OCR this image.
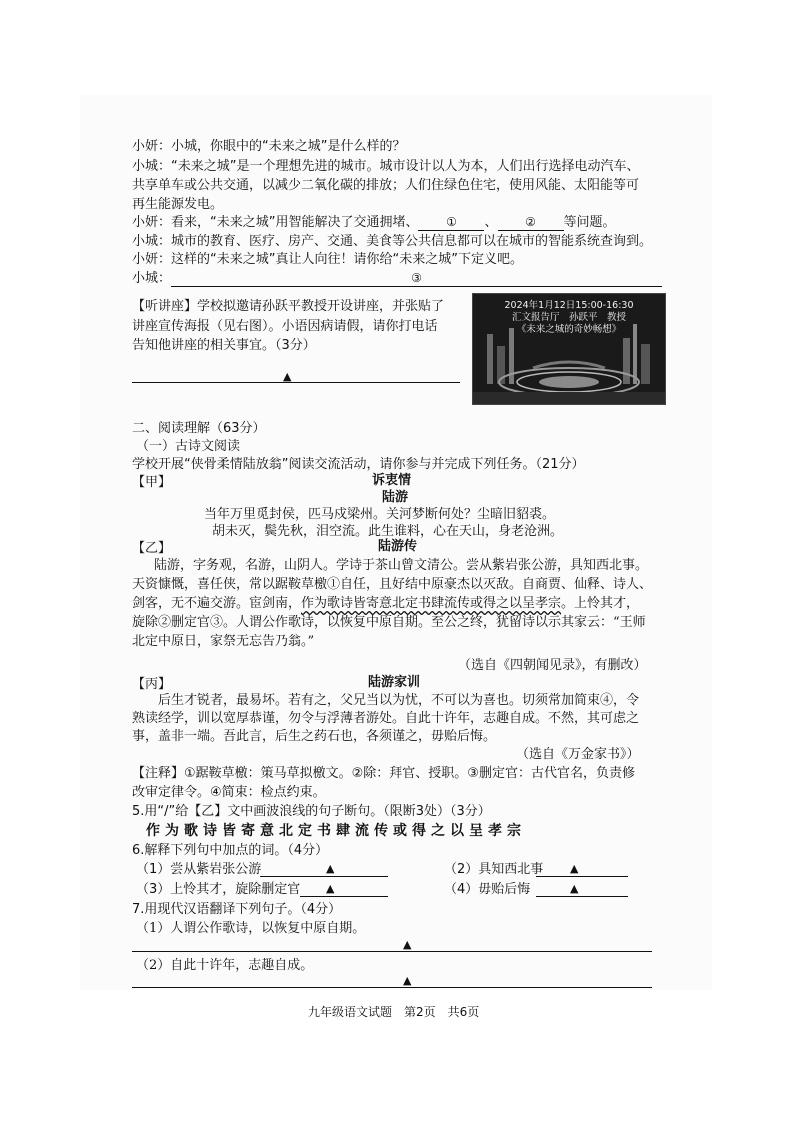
小妍：小城，你眼中的“未来之城”是什么样的？
小城：“未来之城”是一个理想先进的城市。城市设计以人为本，人们出行选择电动汽车、
共享单车或公共交通，以减少二氧化碳的排放；人们住绿色住宅，使用风能、太阳能等可
再生能源发电。
小妍：看来，“未来之城”用智能解决了交通拥堵、 ① 、 ② 等问题。
小城：城市的教育、医疗、房产、交通、美食等公共信息都可以在城市的智能系统查询到。
小妍：这样的“未来之城”真让人向往！请你给“未来之城”下定义吧。
小城：	③
【听讲座】学校拟邀请孙跃平教授开设讲座，并张贴了
讲座宣传海报（见右图）。小语因病请假，请你打电话
告知他讲座的相关事宜。（3分）
▲
2024年1月12日15:00-16:30
汇文报告厅　孙跃平　教授
《未来之城的奇妙畅想》
二、阅读理解（63分）
（一）古诗文阅读
学校开展“侠骨柔情陆放翁”阅读交流活动，请你参与并完成下列任务。（21分）
【甲】	诉衷情
陆游
当年万里觅封侯，匹马戍梁州。关河梦断何处？尘暗旧貂裘。
胡未灭，鬓先秋，泪空流。此生谁料，心在天山，身老沧洲。
【乙】	陆游传
陆游，字务观，名游，山阴人。学诗于茶山曾文清公。尝从紫岩张公游，具知西北事。
天资慷慨，喜任侠，常以踞鞍草檄①自任，且好结中原豪杰以灭敌。自商贾、仙释、诗人、
剑客，无不遍交游。宦剑南，作为歌诗皆寄意北定书肆流传或得之以呈孝宗。上怜其才，
旋除②删定官③。人谓公作歌诗，以恢复中原自期。至公之终，犹留诗以示其家云：“王师
北定中原日，家祭无忘告乃翁。”
（选自《四朝闻见录》，有删改）
【丙】	陆游家训
后生才锐者，最易坏。若有之，父兄当以为忧，不可以为喜也。切须常加简束④，令
熟读经学，训以宽厚恭谨，勿令与浮薄者游处。自此十许年，志趣自成。不然，其可虑之
事，盖非一端。吾此言，后生之药石也，各须谨之，毋贻后悔。
（选自《万金家书》）
【注释】①踞鞍草檄：策马草拟檄文。②除：拜官、授职。③删定官：古代官名，负责修
改审定律令。④简束：检点约束。
5.用“/”给【乙】文中画波浪线的句子断句。（限断3处）（3分）
作为歌诗皆寄意北定书肆流传或得之以呈孝宗
6.解释下列句中加点的词。（4分）
（1）尝从紫岩张公游	▲	（2）具知西北事 ▲
（3）上怜其才，旋除删定官 ▲	（4）毋贻后悔	▲
7.用现代汉语翻译下列句子。（4分）
（1）人谓公作歌诗，以恢复中原自期。
▲
（2）自此十许年，志趣自成。
▲
九年级语文试题　第2页　共6页
